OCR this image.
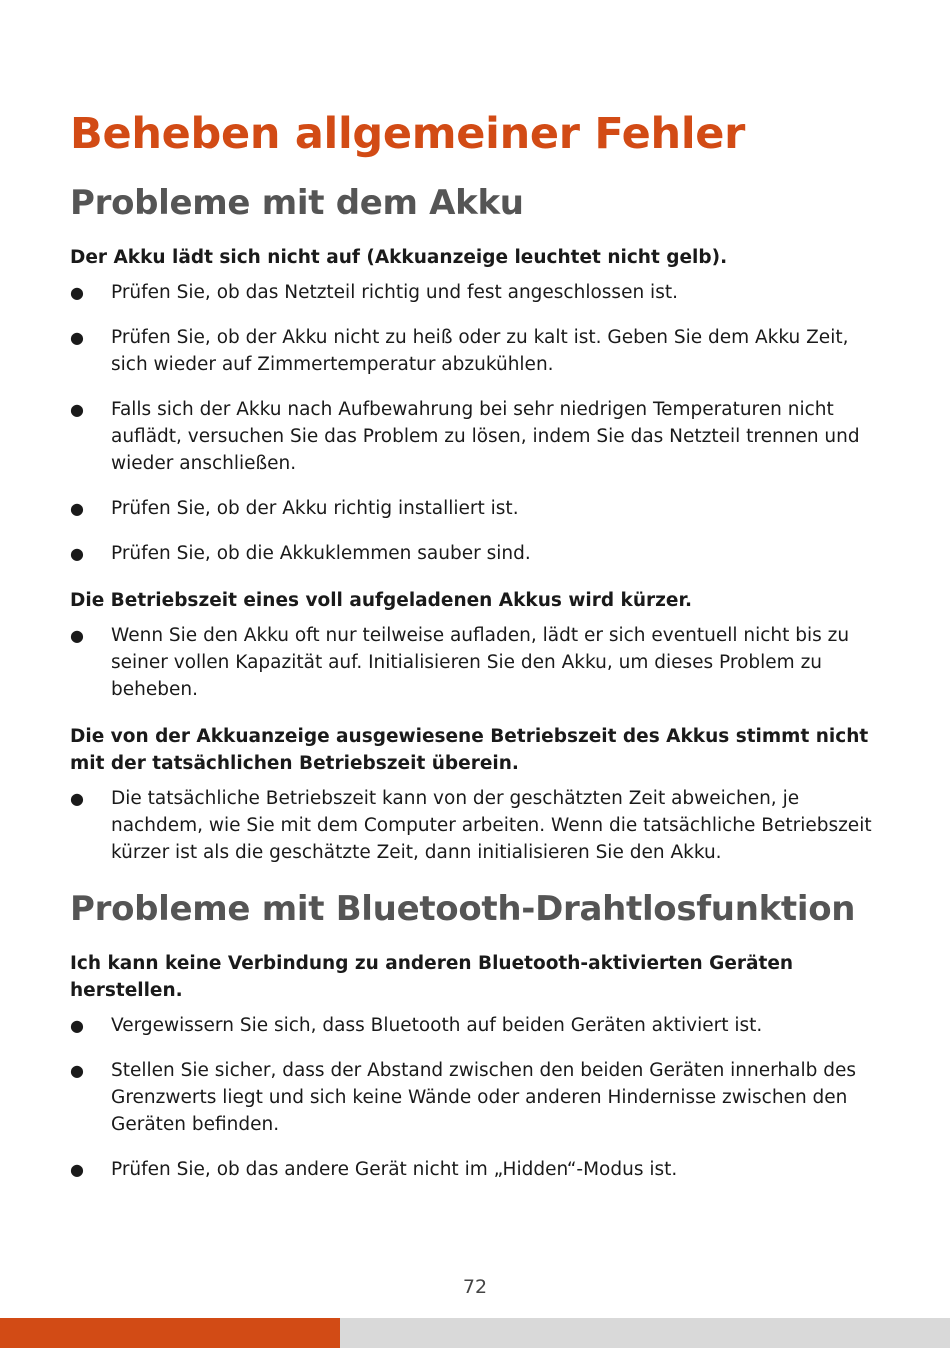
Beheben allgemeiner Fehler
Probleme mit dem Akku

Der Akku lädt sich nicht auf (Akkuanzeige leuchtet nicht gelb).

● Prüfen Sie, ob das Netzteil richtig und fest angeschlossen ist.
● Prüfen Sie, ob der Akku nicht zu heiß oder zu kalt ist. Geben Sie dem Akku Zeit, sich wieder auf Zimmertemperatur abzukühlen.
● Falls sich der Akku nach Aufbewahrung bei sehr niedrigen Temperaturen nicht auflädt, versuchen Sie das Problem zu lösen, indem Sie das Netzteil trennen und wieder anschließen.
● Prüfen Sie, ob der Akku richtig installiert ist.
● Prüfen Sie, ob die Akkuklemmen sauber sind.

Die Betriebszeit eines voll aufgeladenen Akkus wird kürzer.

● Wenn Sie den Akku oft nur teilweise aufladen, lädt er sich eventuell nicht bis zu seiner vollen Kapazität auf. Initialisieren Sie den Akku, um dieses Problem zu beheben.

Die von der Akkuanzeige ausgewiesene Betriebszeit des Akkus stimmt nicht mit der tatsächlichen Betriebszeit überein.

● Die tatsächliche Betriebszeit kann von der geschätzten Zeit abweichen, je nachdem, wie Sie mit dem Computer arbeiten. Wenn die tatsächliche Betriebszeit kürzer ist als die geschätzte Zeit, dann initialisieren Sie den Akku.
Probleme mit Bluetooth-Drahtlosfunktion

Ich kann keine Verbindung zu anderen Bluetooth-aktivierten Geräten herstellen.

● Vergewissern Sie sich, dass Bluetooth auf beiden Geräten aktiviert ist.
● Stellen Sie sicher, dass der Abstand zwischen den beiden Geräten innerhalb des Grenzwerts liegt und sich keine Wände oder anderen Hindernisse zwischen den Geräten befinden.
● Prüfen Sie, ob das andere Gerät nicht im „Hidden“-Modus ist.
72
